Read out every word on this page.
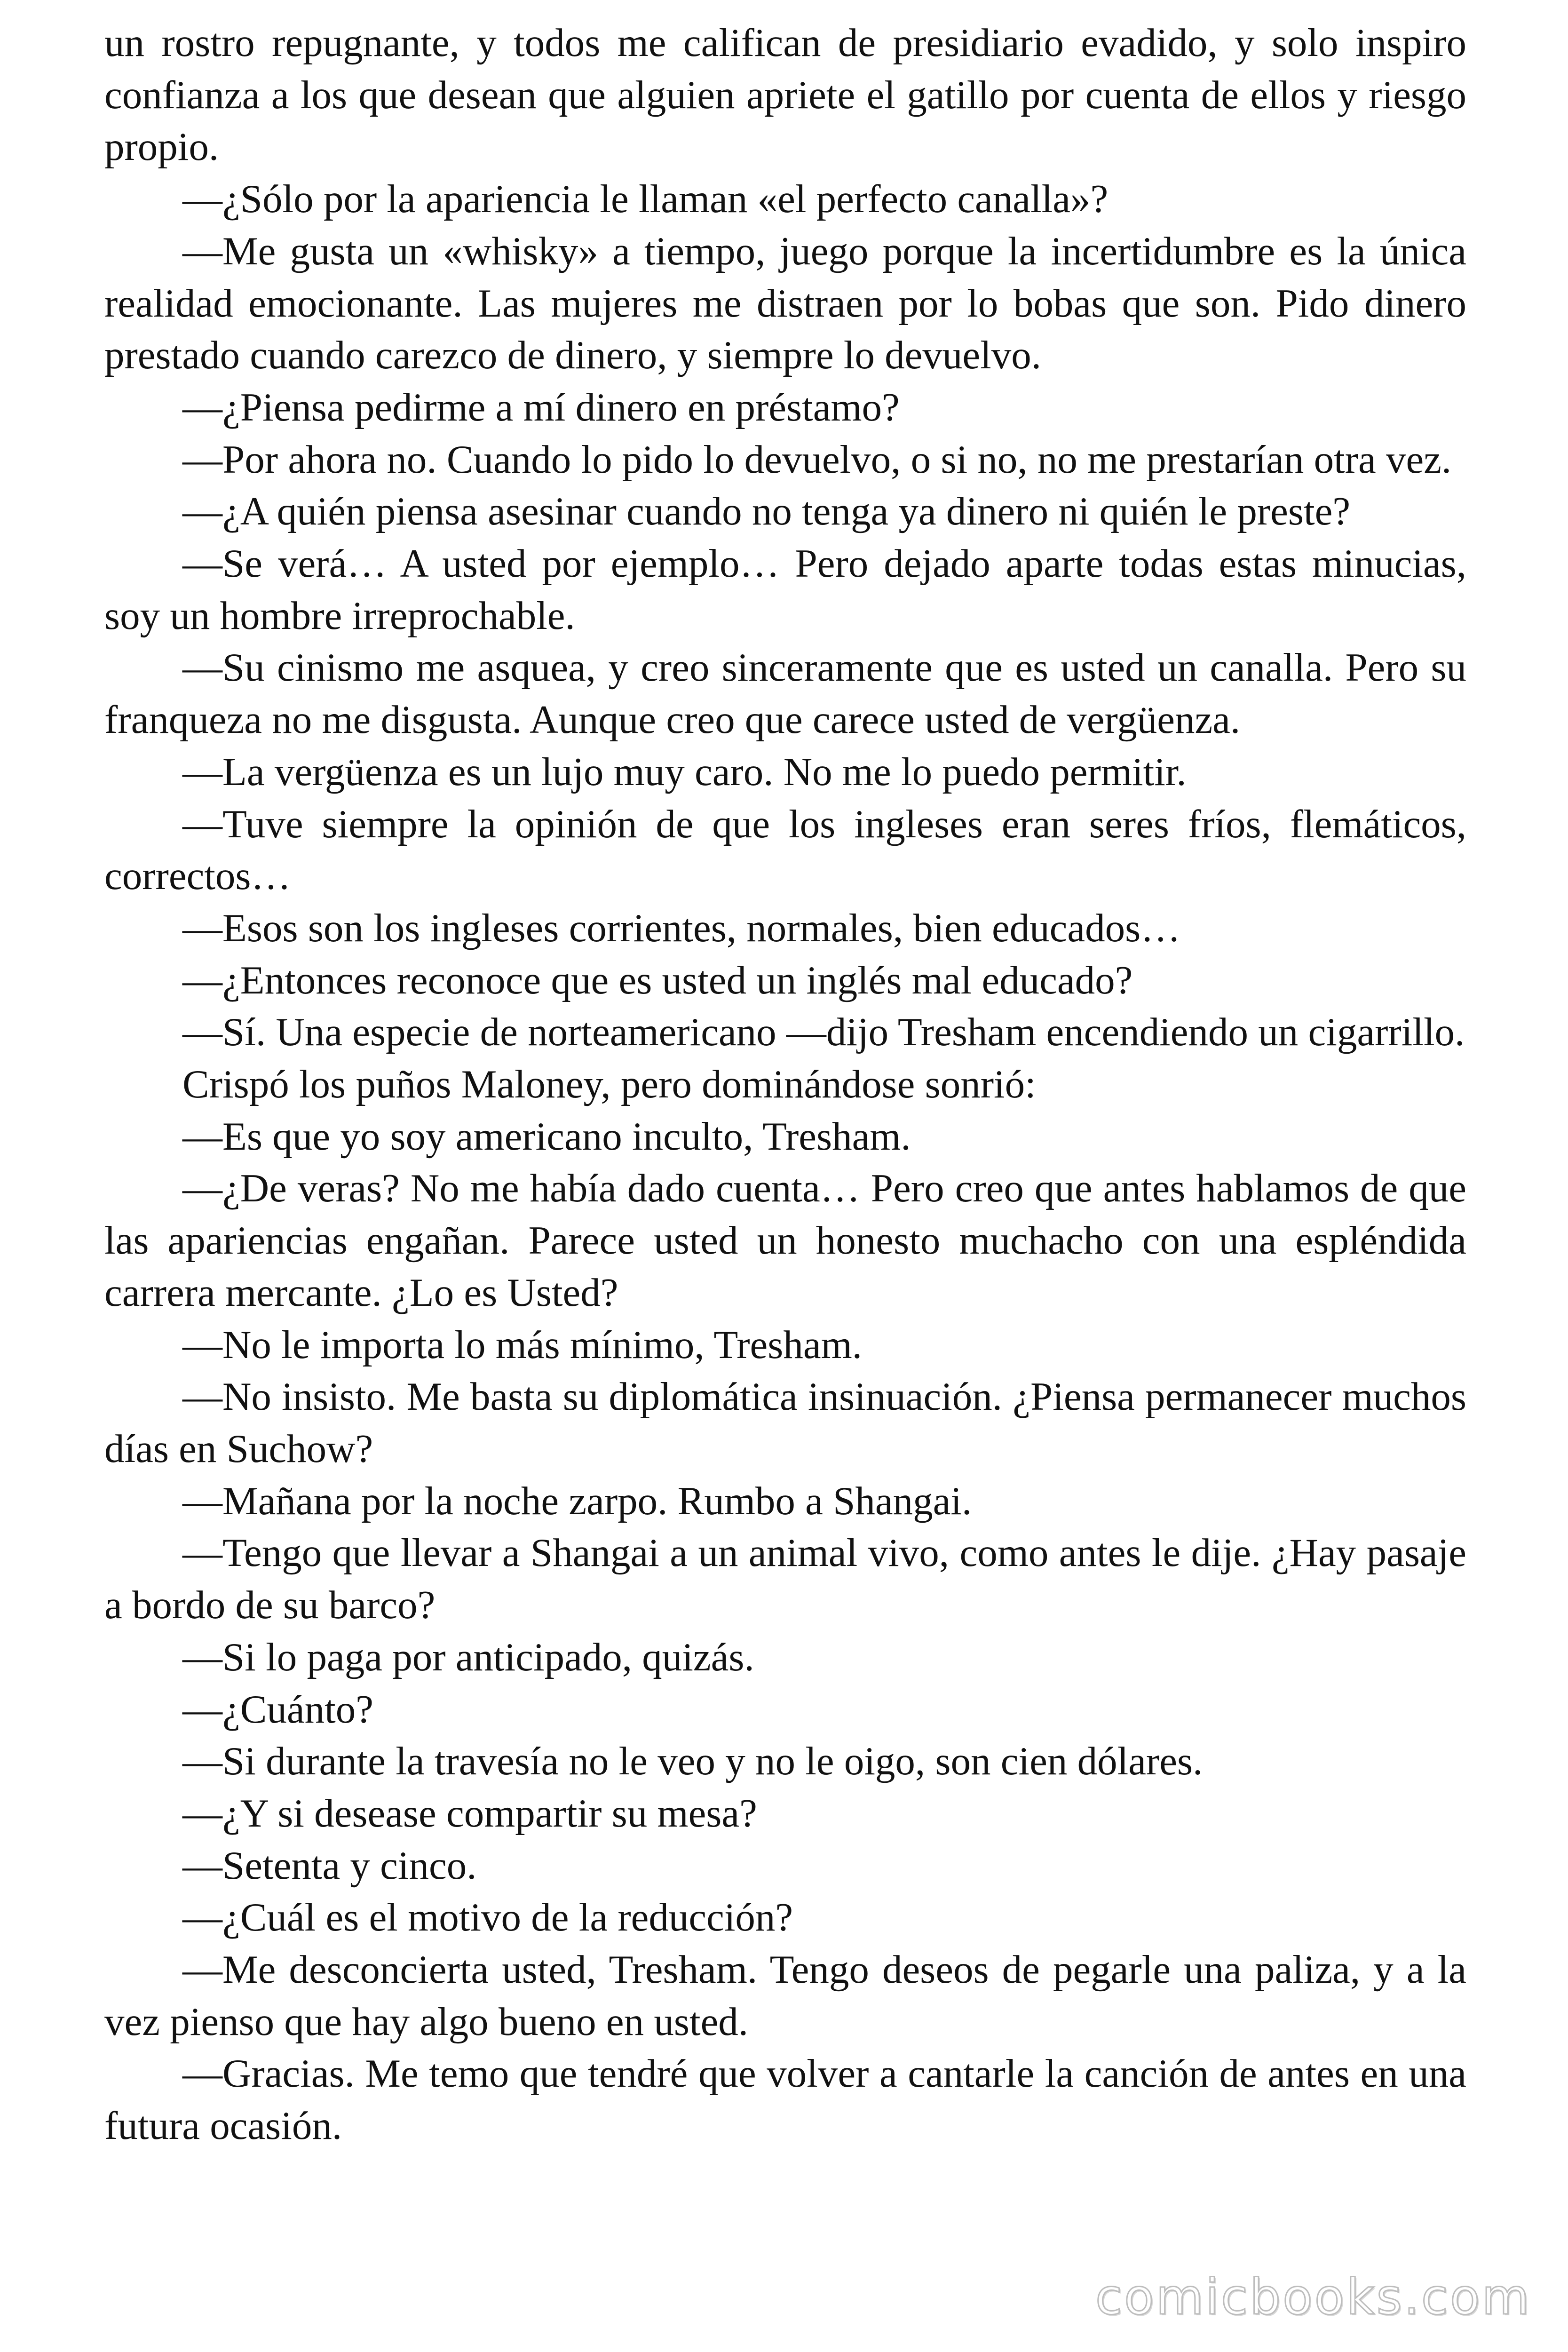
un rostro repugnante, y todos me califican de presidiario evadido, y solo inspiro confianza a los que desean que alguien apriete el gatillo por cuenta de ellos y riesgo propio.

—¿Sólo por la apariencia le llaman «el perfecto canalla»?

—Me gusta un «whisky» a tiempo, juego porque la incertidumbre es la única realidad emocionante. Las mujeres me distraen por lo bobas que son. Pido dinero prestado cuando carezco de dinero, y siempre lo devuelvo.

—¿Piensa pedirme a mí dinero en préstamo?

—Por ahora no. Cuando lo pido lo devuelvo, o si no, no me prestarían otra vez.

—¿A quién piensa asesinar cuando no tenga ya dinero ni quién le preste?

—Se verá… A usted por ejemplo… Pero dejado aparte todas estas minucias, soy un hombre irreprochable.

—Su cinismo me asquea, y creo sinceramente que es usted un canalla. Pero su franqueza no me disgusta. Aunque creo que carece usted de vergüenza.

—La vergüenza es un lujo muy caro. No me lo puedo permitir.

—Tuve siempre la opinión de que los ingleses eran seres fríos, flemáticos, correctos…

—Esos son los ingleses corrientes, normales, bien educados…

—¿Entonces reconoce que es usted un inglés mal educado?

—Sí. Una especie de norteamericano —dijo Tresham encendiendo un cigarrillo.

Crispó los puños Maloney, pero dominándose sonrió:

—Es que yo soy americano inculto, Tresham.

—¿De veras? No me había dado cuenta… Pero creo que antes hablamos de que las apariencias engañan. Parece usted un honesto muchacho con una espléndida carrera mercante. ¿Lo es Usted?

—No le importa lo más mínimo, Tresham.

—No insisto. Me basta su diplomática insinuación. ¿Piensa permanecer muchos días en Suchow?

—Mañana por la noche zarpo. Rumbo a Shangai.

—Tengo que llevar a Shangai a un animal vivo, como antes le dije. ¿Hay pasaje a bordo de su barco?

—Si lo paga por anticipado, quizás.

—¿Cuánto?

—Si durante la travesía no le veo y no le oigo, son cien dólares.

—¿Y si desease compartir su mesa?

—Setenta y cinco.

—¿Cuál es el motivo de la reducción?

—Me desconcierta usted, Tresham. Tengo deseos de pegarle una paliza, y a la vez pienso que hay algo bueno en usted.

—Gracias. Me temo que tendré que volver a cantarle la canción de antes en una futura ocasión.

comicbooks.com
